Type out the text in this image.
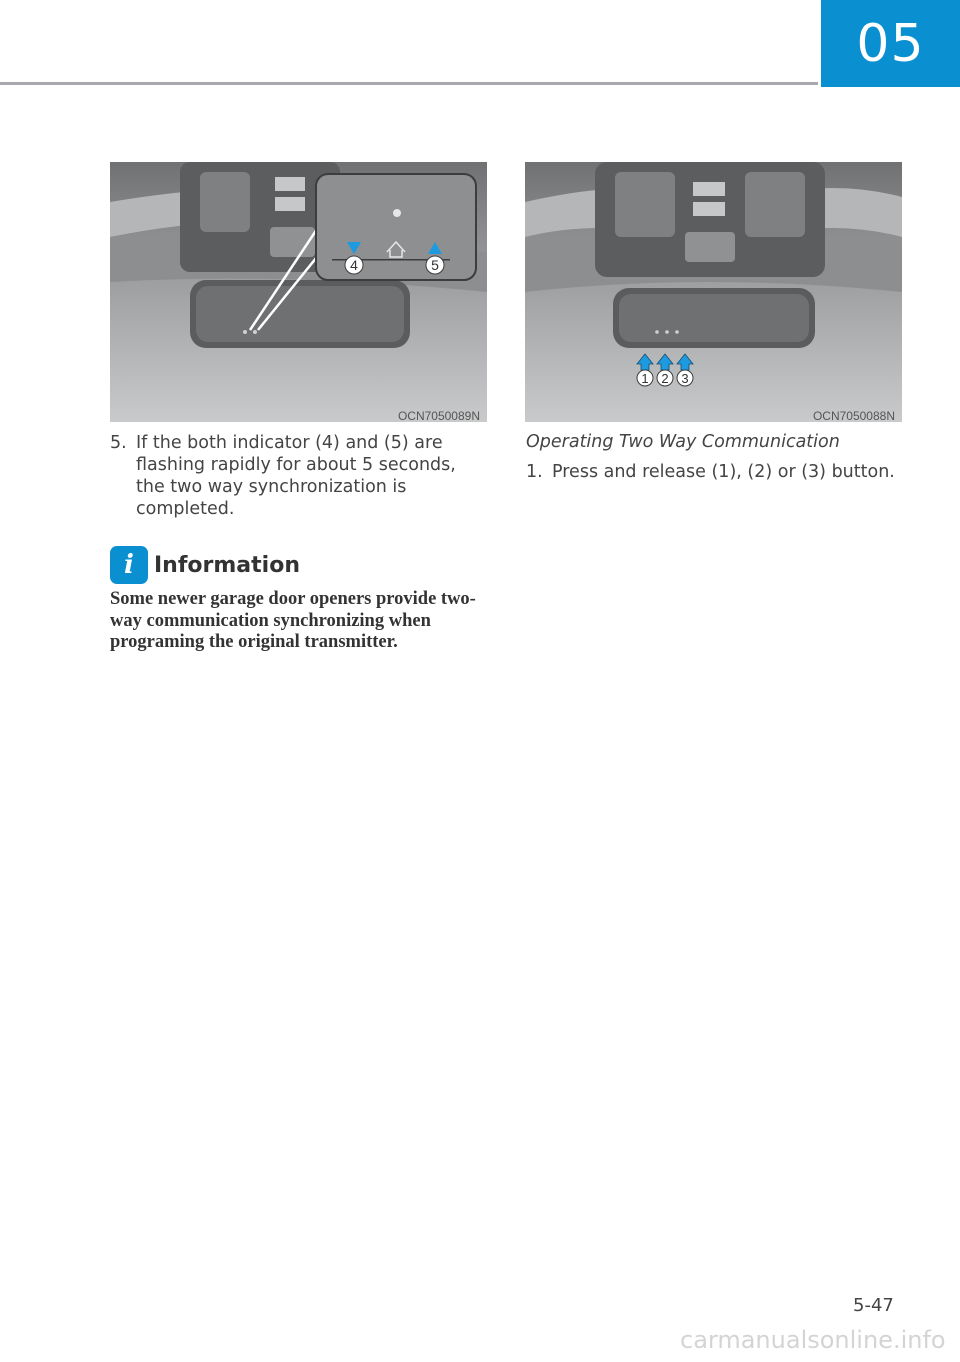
05
4	5
OCN7050089N
1 2 3
OCN7050088N
5. If the both indicator (4) and (5) are flashing rapidly for about 5 seconds, the two way synchronization is completed.
i Information
Some newer garage door openers provide two-way communication synchronizing when programing the original transmitter.
Operating Two Way Communication
1. Press and release (1), (2) or (3) button.
5-47
carmanualsonline.info
